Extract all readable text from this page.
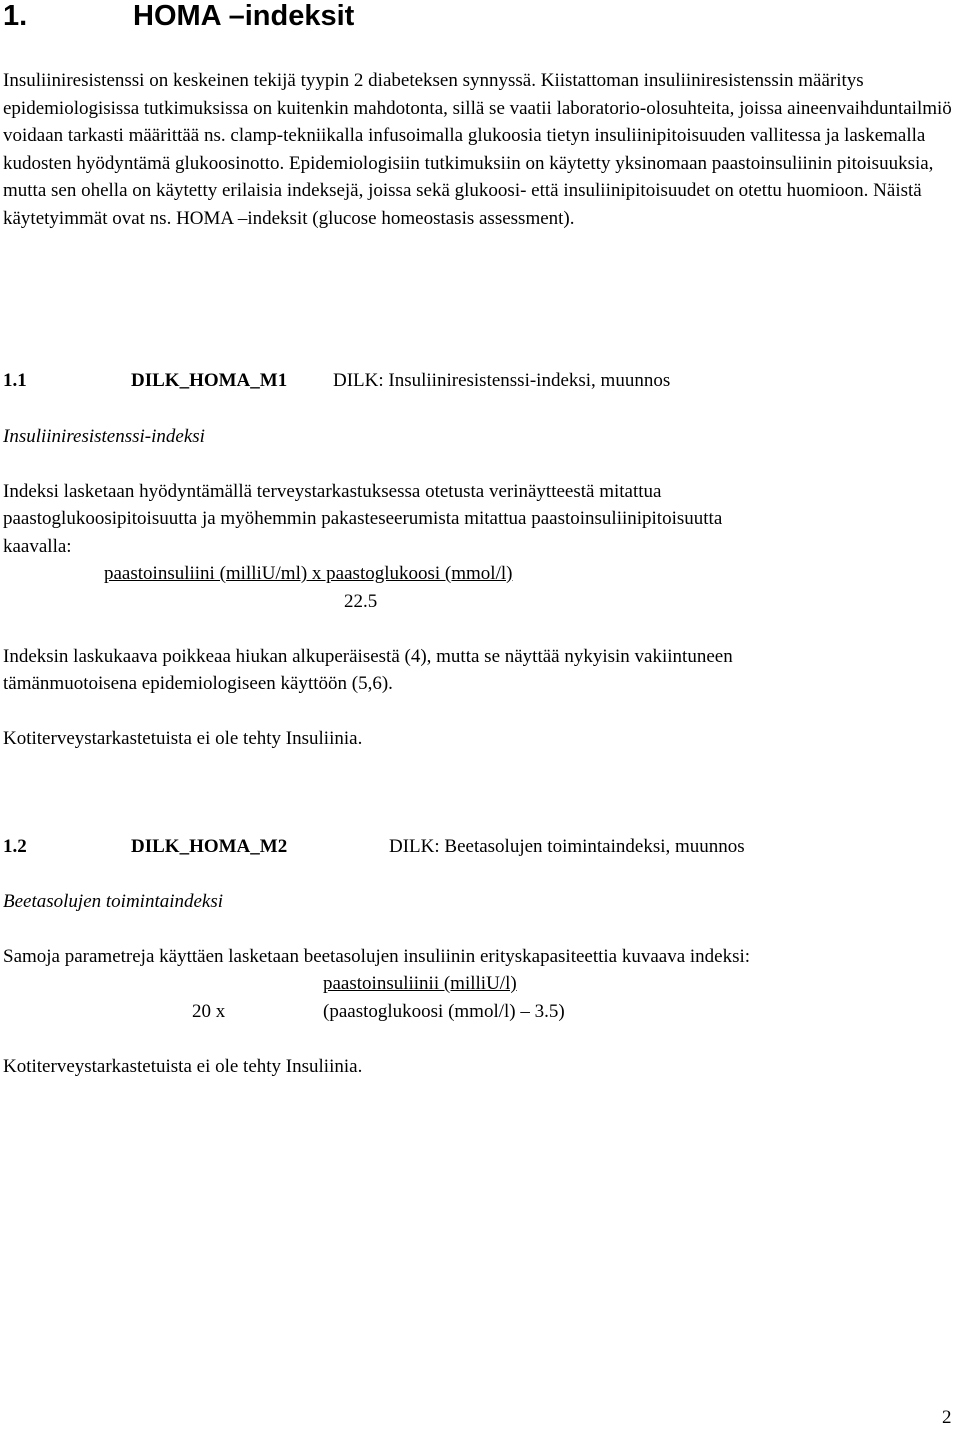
1.	HOMA –indeksit
Insuliiniresistenssi on keskeinen tekijä tyypin 2 diabeteksen synnyssä. Kiistattoman insuliiniresistenssin määritys epidemiologisissa tutkimuksissa on kuitenkin mahdotonta, sillä se vaatii laboratorio-olosuhteita, joissa aineenvaihduntailmiö voidaan tarkasti määrittää ns. clamp-tekniikalla infusoimalla glukoosia tietyn insuliinipitoisuuden vallitessa ja laskemalla kudosten hyödyntämä glukoosinotto. Epidemiologisiin tutkimuksiin on käytetty yksinomaan paastoinsuliinin pitoisuuksia, mutta sen ohella on käytetty erilaisia indeksejä, joissa sekä glukoosi- että insuliinipitoisuudet on otettu huomioon. Näistä käytetyimmät ovat ns. HOMA –indeksit (glucose homeostasis assessment).
1.1	DILK_HOMA_M1 DILK: Insuliiniresistenssi-indeksi, muunnos
Insuliiniresistenssi-indeksi
Indeksi lasketaan hyödyntämällä terveystarkastuksessa otetusta verinäytteestä mitattua
paastoglukoosipitoisuutta ja myöhemmin pakasteseerumista mitattua paastoinsuliinipitoisuutta
kaavalla:
paastoinsuliini (milliU/ml) x paastoglukoosi (mmol/l)
22.5
Indeksin laskukaava poikkeaa hiukan alkuperäisestä (4), mutta se näyttää nykyisin vakiintuneen
tämänmuotoisena epidemiologiseen käyttöön (5,6).
Kotiterveystarkastetuista ei ole tehty Insuliinia.
1.2	DILK_HOMA_M2	DILK: Beetasolujen toimintaindeksi, muunnos
Beetasolujen toimintaindeksi
Samoja parametreja käyttäen lasketaan beetasolujen insuliinin erityskapasiteettia kuvaava indeksi:
paastoinsuliinii (milliU/l)
20 x	(paastoglukoosi (mmol/l) – 3.5)
Kotiterveystarkastetuista ei ole tehty Insuliinia.
2
